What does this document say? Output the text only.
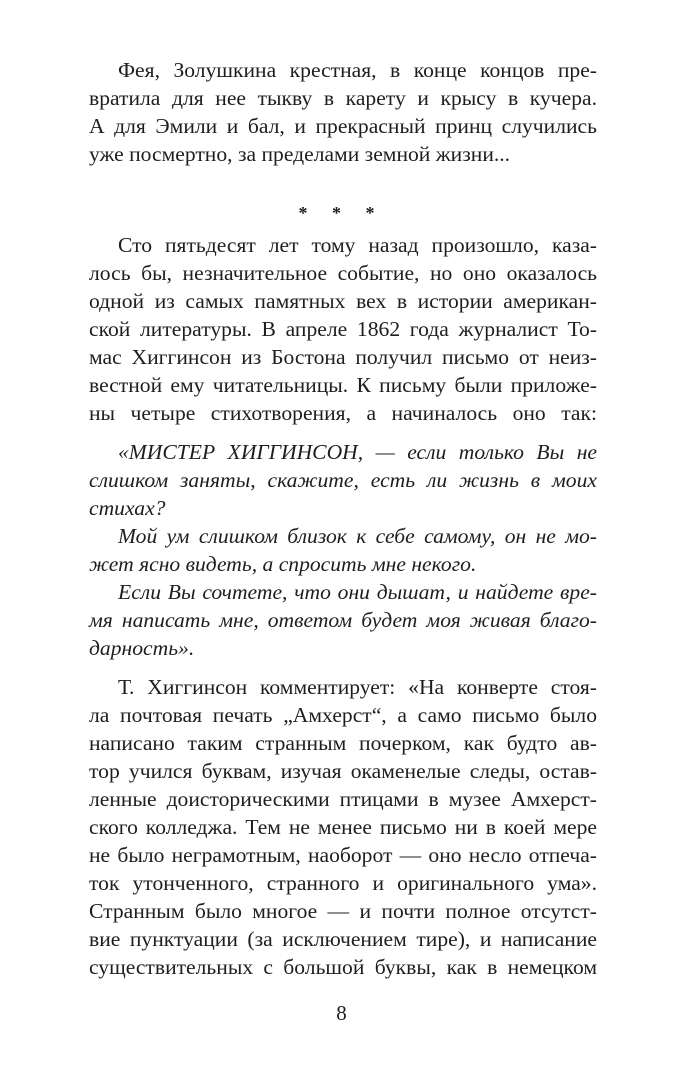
Фея, Золушкина крестная, в конце концов пре-
вратила для нее тыкву в карету и крысу в кучера.
А для Эмили и бал, и прекрасный принц случились
уже посмертно, за пределами земной жизни...
* * *
Сто пятьдесят лет тому назад произошло, каза-
лось бы, незначительное событие, но оно оказалось
одной из самых памятных вех в истории американ-
ской литературы. В апреле 1862 года журналист То-
мас Хиггинсон из Бостона получил письмо от неиз-
вестной ему читательницы. К письму были приложе-
ны четыре стихотворения, а начиналось оно так:
«МИСТЕР ХИГГИНСОН, — если только Вы не
слишком заняты, скажите, есть ли жизнь в моих
стихах?
Мой ум слишком близок к себе самому, он не мо-
жет ясно видеть, а спросить мне некого.
Если Вы сочтете, что они дышат, и найдете вре-
мя написать мне, ответом будет моя живая благо-
дарность».
Т. Хиггинсон комментирует: «На конверте стоя-
ла почтовая печать „Амхерст“, а само письмо было
написано таким странным почерком, как будто ав-
тор учился буквам, изучая окаменелые следы, остав-
ленные доисторическими птицами в музее Амхерст-
ского колледжа. Тем не менее письмо ни в коей мере
не было неграмотным, наоборот — оно несло отпеча-
ток утонченного, странного и оригинального ума».
Странным было многое — и почти полное отсутст-
вие пунктуации (за исключением тире), и написание
существительных с большой буквы, как в немецком
8
